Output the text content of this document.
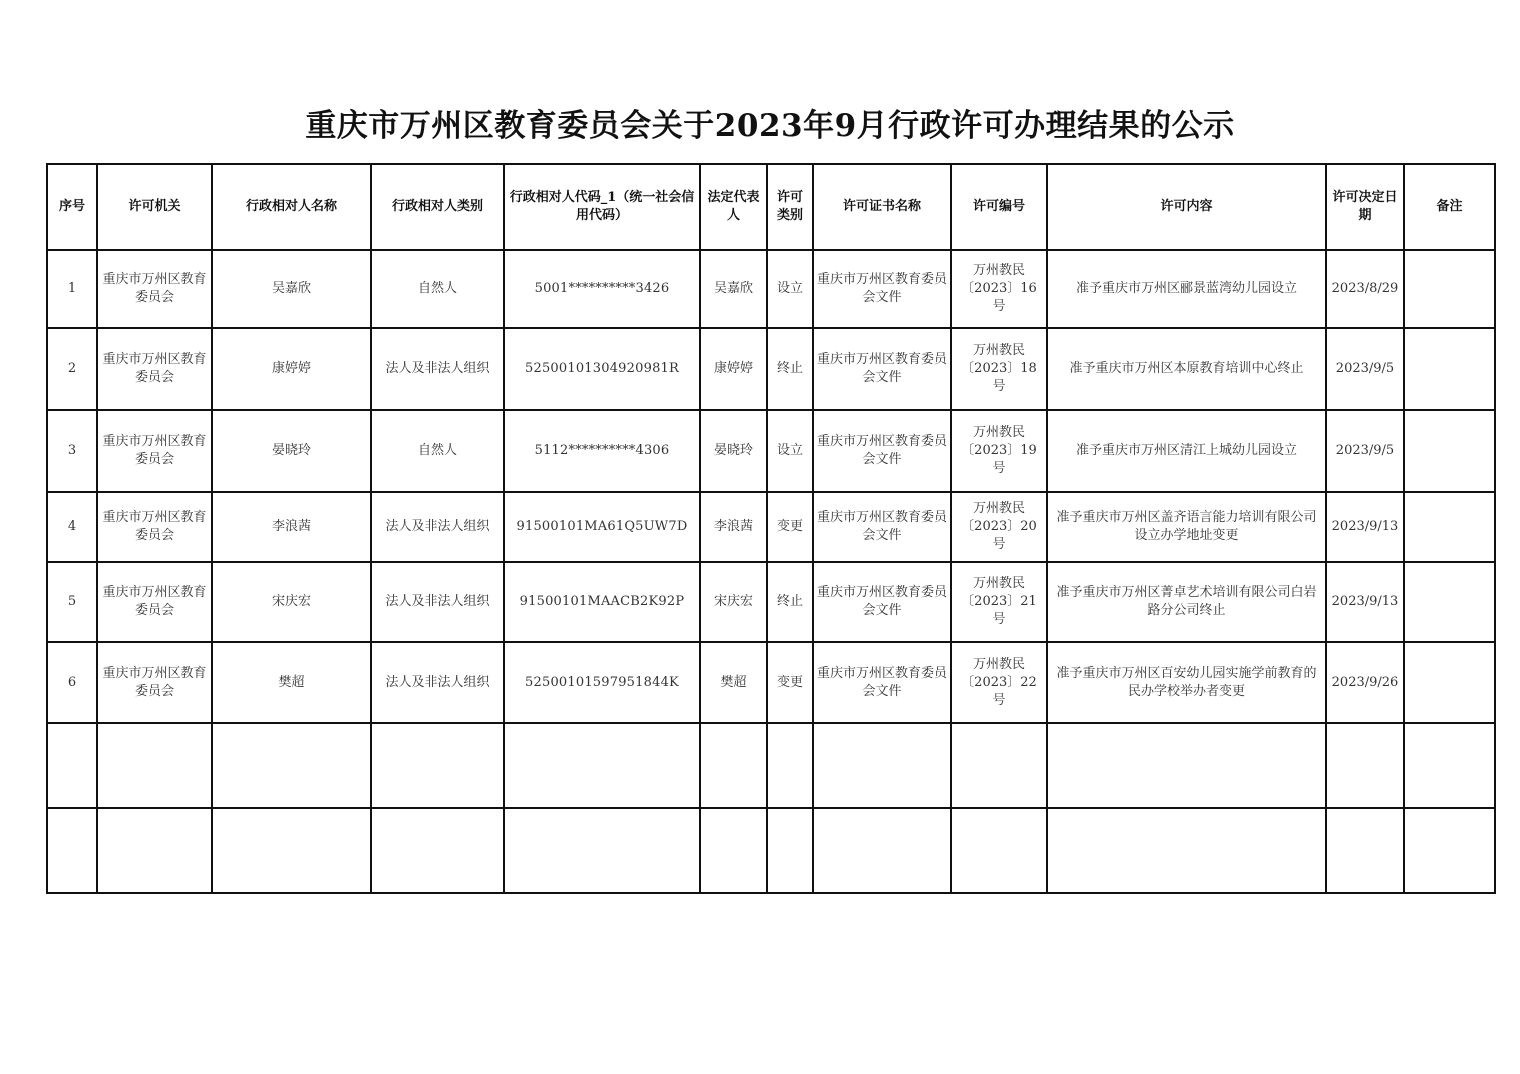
重庆市万州区教育委员会关于2023年9月行政许可办理结果的公示
序号	许可机关	行政相对人名称	行政相对人类别	行政相对人代码_1（统一社会信用代码）	法定代表人	许可类别	许可证书名称	许可编号	许可内容	许可决定日期	备注
1	重庆市万州区教育委员会	吴嘉欣	自然人	5001**********3426	吴嘉欣	设立	重庆市万州区教育委员会文件	万州教民〔2023〕16号	准予重庆市万州区郦景蓝湾幼儿园设立	2023/8/29	
2	重庆市万州区教育委员会	康婷婷	法人及非法人组织	52500101304920981R	康婷婷	终止	重庆市万州区教育委员会文件	万州教民〔2023〕18号	准予重庆市万州区本原教育培训中心终止	2023/9/5	
3	重庆市万州区教育委员会	晏晓玲	自然人	5112**********4306	晏晓玲	设立	重庆市万州区教育委员会文件	万州教民〔2023〕19号	准予重庆市万州区清江上城幼儿园设立	2023/9/5	
4	重庆市万州区教育委员会	李浪茜	法人及非法人组织	91500101MA61Q5UW7D	李浪茜	变更	重庆市万州区教育委员会文件	万州教民〔2023〕20号	准予重庆市万州区盖齐语言能力培训有限公司设立办学地址变更	2023/9/13	
5	重庆市万州区教育委员会	宋庆宏	法人及非法人组织	91500101MAACB2K92P	宋庆宏	终止	重庆市万州区教育委员会文件	万州教民〔2023〕21号	准予重庆市万州区菁卓艺术培训有限公司白岩路分公司终止	2023/9/13	
6	重庆市万州区教育委员会	樊超	法人及非法人组织	52500101597951844K	樊超	变更	重庆市万州区教育委员会文件	万州教民〔2023〕22号	准予重庆市万州区百安幼儿园实施学前教育的民办学校举办者变更	2023/9/26	
